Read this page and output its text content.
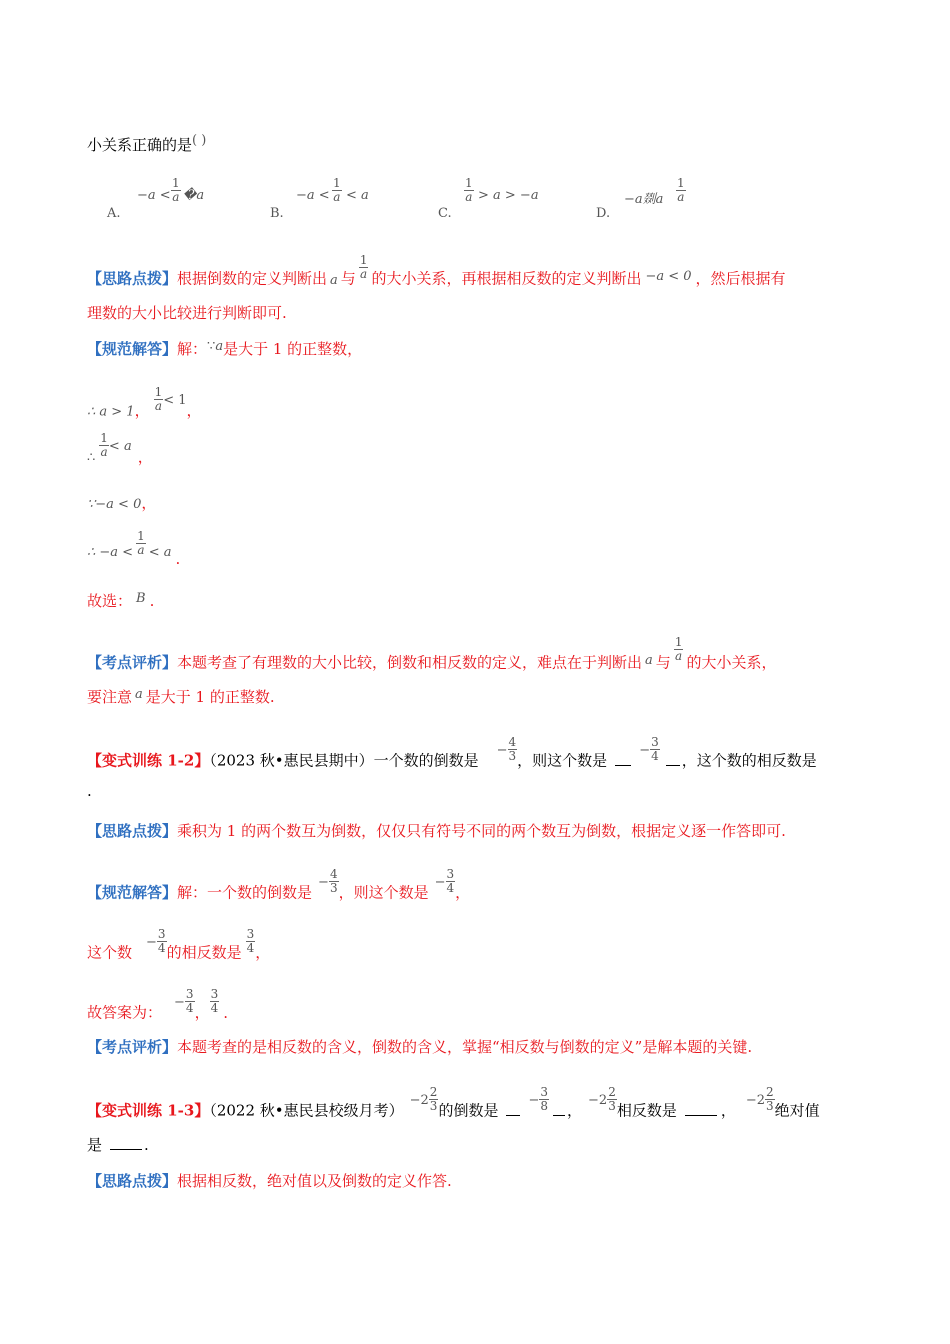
小关系正确的是( )
A.
$-a < \frac{1}{a}$ �a
B.
$-a < \frac{1}{a} < a$
C.
$\frac{1}{a} > a > -a$
D.
−a剟a $\frac{1}{a}$
【思路点拨】根据倒数的定义判断出 a 与 $\frac{1}{a}$ 的大小关系，再根据相反数的定义判断出 −a < 0 ，然后根据有
理数的大小比较进行判断即可.
【规范解答】解：∵a是大于 1 的正整数，
∴ a > 1， $\frac{1}{a} < 1$，
∴ $\frac{1}{a} < a$，
∵−a < 0，
∴ $-a < \frac{1}{a} < a$ .
故选： B .
【考点评析】本题考查了有理数的大小比较，倒数和相反数的定义，难点在于判断出 a 与 $\frac{1}{a}$ 的大小关系，
要注意 a 是大于 1 的正整数.
【变式训练 1-2】（2023 秋•惠民县期中）一个数的倒数是− $\frac{4}{3}$ ，则这个数是− $\frac{3}{4}$ ，这个数的相反数是
.
【思路点拨】乘积为 1 的两个数互为倒数，仅仅只有符号不同的两个数互为倒数，根据定义逐一作答即可.
【规范解答】解：一个数的倒数是− $\frac{4}{3}$ ，则这个数是− $\frac{3}{4}$ ，
这个数− $\frac{3}{4}$ 的相反数是 $\frac{3}{4}$ ，
故答案为：− $\frac{3}{4}$ ， $\frac{3}{4}$ .
【考点评析】本题考查的是相反数的含义，倒数的含义，掌握“相反数与倒数的定义”是解本题的关键.
【变式训练 1-3】（2022 秋•惠民县校级月考）$-2 \frac{2}{3}$ 的倒数是− $\frac{3}{8}$ ，$-2 \frac{2}{3}$ 相反数是	，$-2 \frac{2}{3}$ 绝对值
是	.
【思路点拨】根据相反数，绝对值以及倒数的定义作答.
